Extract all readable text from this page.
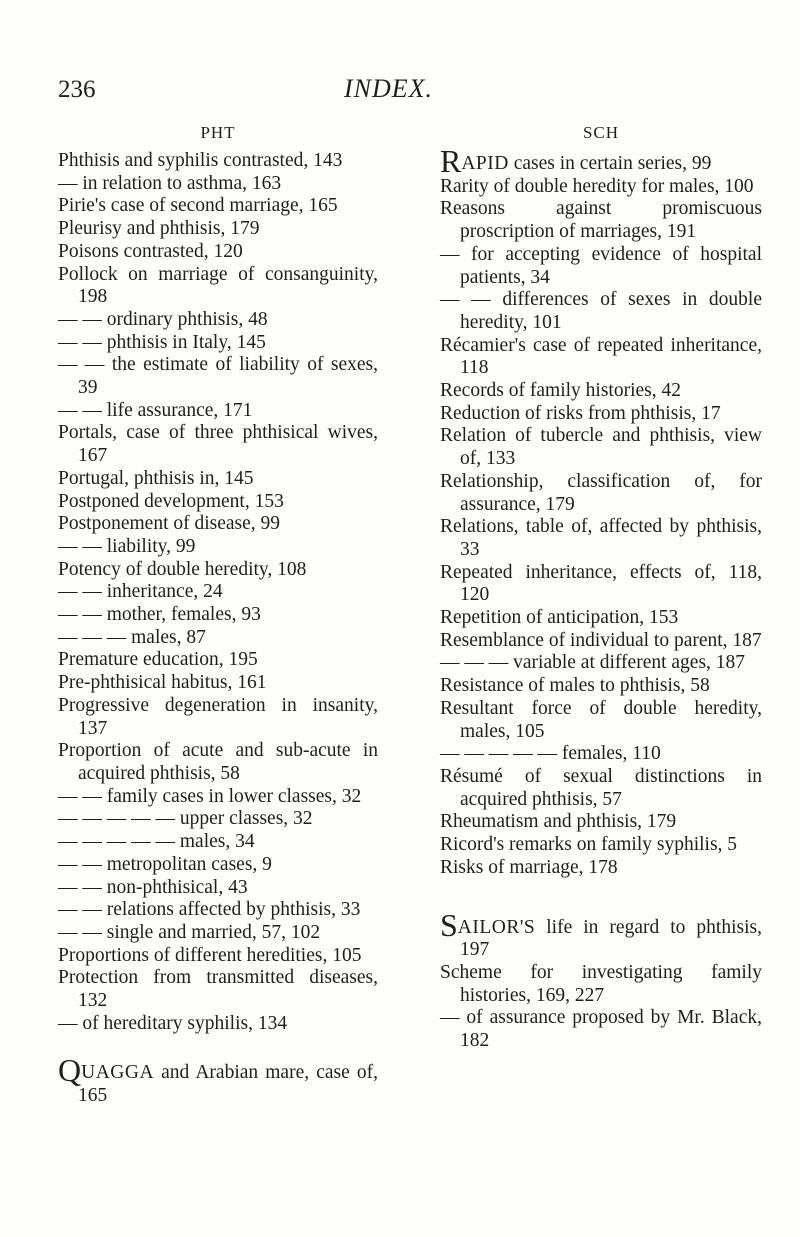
236	INDEX.
PHT
Phthisis and syphilis contrasted, 143
— in relation to asthma, 163
Pirie's case of second marriage, 165
Pleurisy and phthisis, 179
Poisons contrasted, 120
Pollock on marriage of consanguinity, 198
— — ordinary phthisis, 48
— — phthisis in Italy, 145
— — the estimate of liability of sexes, 39
— — life assurance, 171
Portals, case of three phthisical wives, 167
Portugal, phthisis in, 145
Postponed development, 153
Postponement of disease, 99
— — liability, 99
Potency of double heredity, 108
— — inheritance, 24
— — mother, females, 93
— — — males, 87
Premature education, 195
Pre-phthisical habitus, 161
Progressive degeneration in insanity, 137
Proportion of acute and sub-acute in acquired phthisis, 58
— — family cases in lower classes, 32
— — — — — upper classes, 32
— — — — — males, 34
— — metropolitan cases, 9
— — non-phthisical, 43
— — relations affected by phthisis, 33
— — single and married, 57, 102
Proportions of different heredities, 105
Protection from transmitted diseases, 132
— of hereditary syphilis, 134
QUAGGA and Arabian mare, case of, 165
SCH
RAPID cases in certain series, 99
Rarity of double heredity for males, 100
Reasons against promiscuous proscription of marriages, 191
— for accepting evidence of hospital patients, 34
— — differences of sexes in double heredity, 101
Récamier's case of repeated inheritance, 118
Records of family histories, 42
Reduction of risks from phthisis, 17
Relation of tubercle and phthisis, view of, 133
Relationship, classification of, for assurance, 179
Relations, table of, affected by phthisis, 33
Repeated inheritance, effects of, 118, 120
Repetition of anticipation, 153
Resemblance of individual to parent, 187
— — — variable at different ages, 187
Resistance of males to phthisis, 58
Resultant force of double heredity, males, 105
— — — — — females, 110
Résumé of sexual distinctions in acquired phthisis, 57
Rheumatism and phthisis, 179
Ricord's remarks on family syphilis, 5
Risks of marriage, 178
SAILOR'S life in regard to phthisis, 197
Scheme for investigating family histories, 169, 227
— of assurance proposed by Mr. Black, 182
